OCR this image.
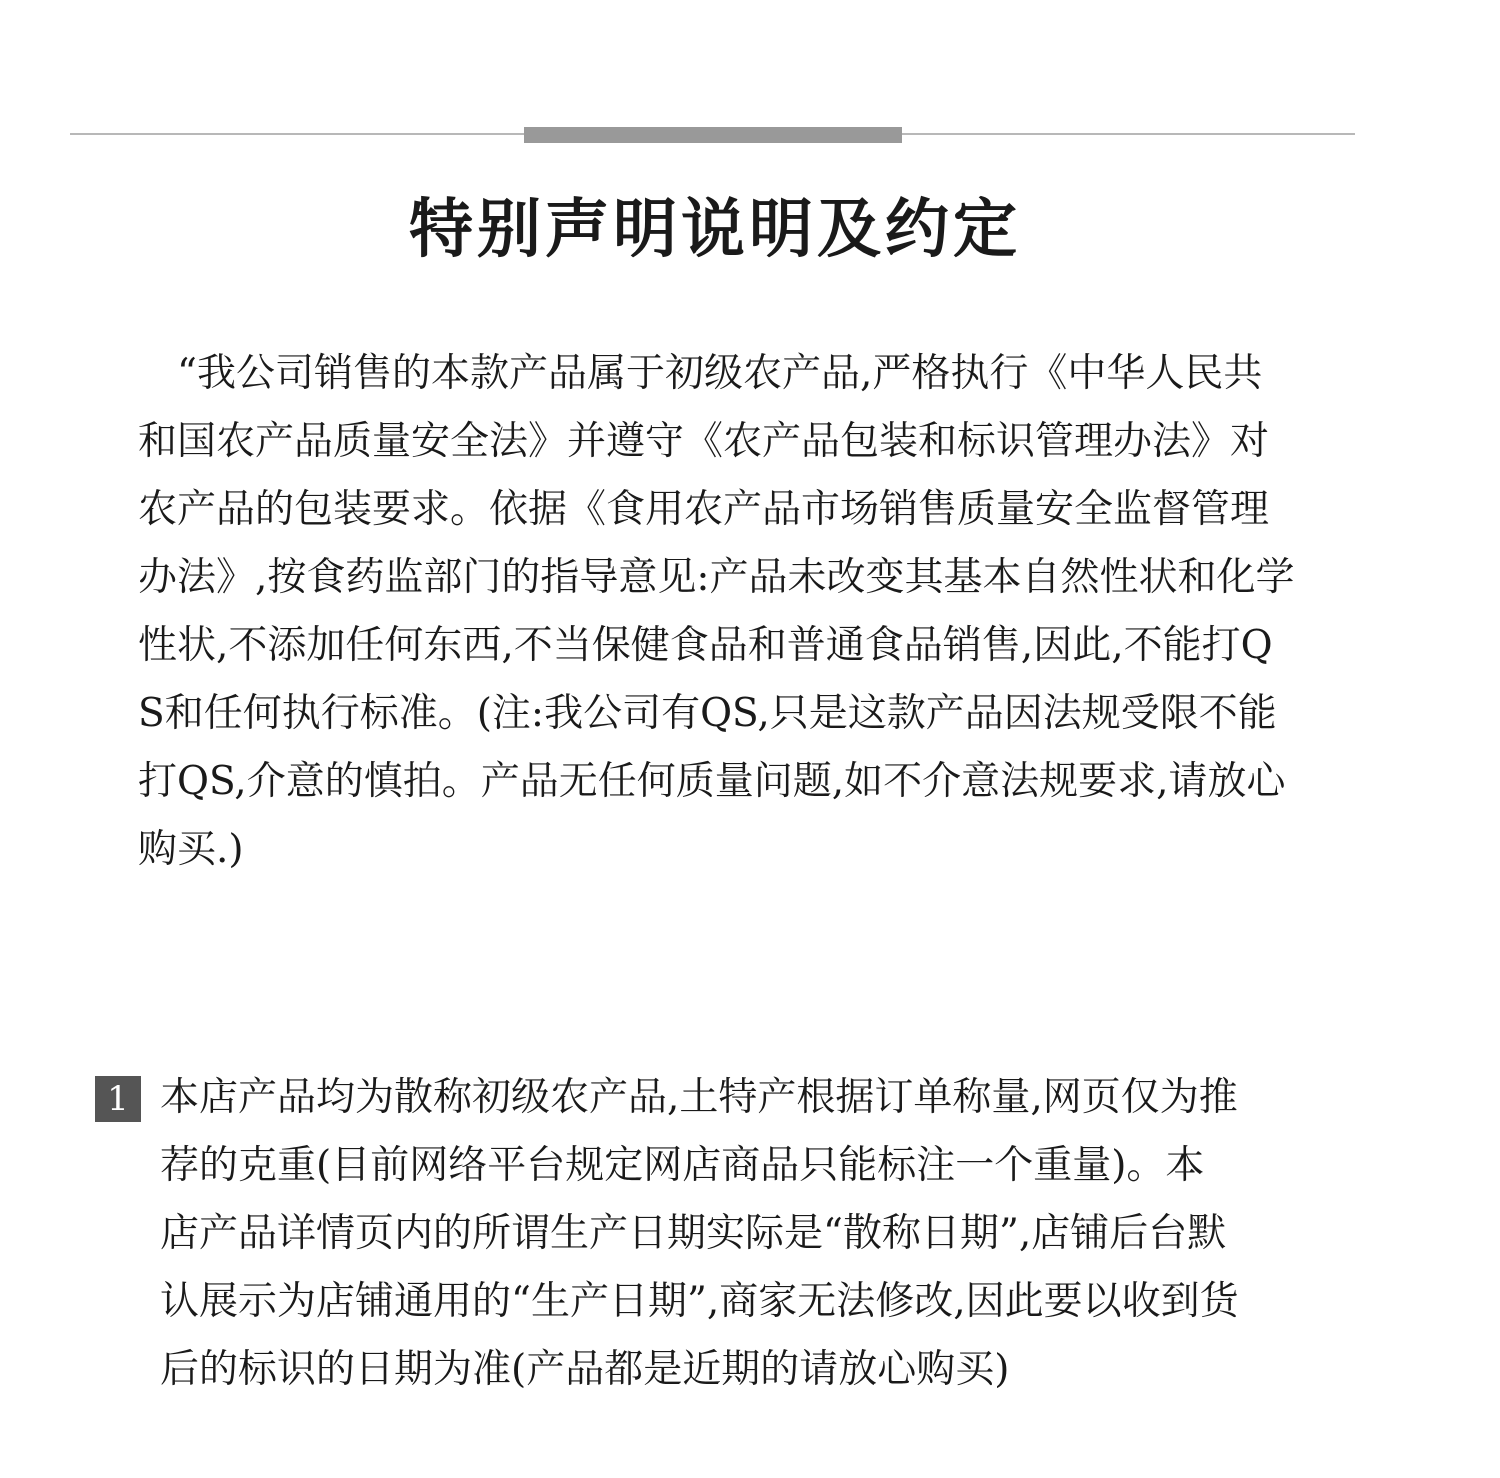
特别声明说明及约定

“我公司销售的本款产品属于初级农产品,严格执行《中华人民共和国农产品质量安全法》并遵守《农产品包装和标识管理办法》对农产品的包装要求。依据《食用农产品市场销售质量安全监督管理办法》,按食药监部门的指导意见:产品未改变其基本自然性状和化学性状,不添加任何东西,不当保健食品和普通食品销售,因此,不能打QS和任何执行标准。(注:我公司有QS,只是这款产品因法规受限不能打QS,介意的慎拍。产品无任何质量问题,如不介意法规要求,请放心购买.)

1 本店产品均为散称初级农产品,土特产根据订单称量,网页仅为推荐的克重(目前网络平台规定网店商品只能标注一个重量)。本店产品详情页内的所谓生产日期实际是“散称日期”,店铺后台默认展示为店铺通用的“生产日期”,商家无法修改,因此要以收到货后的标识的日期为准(产品都是近期的请放心购买)
